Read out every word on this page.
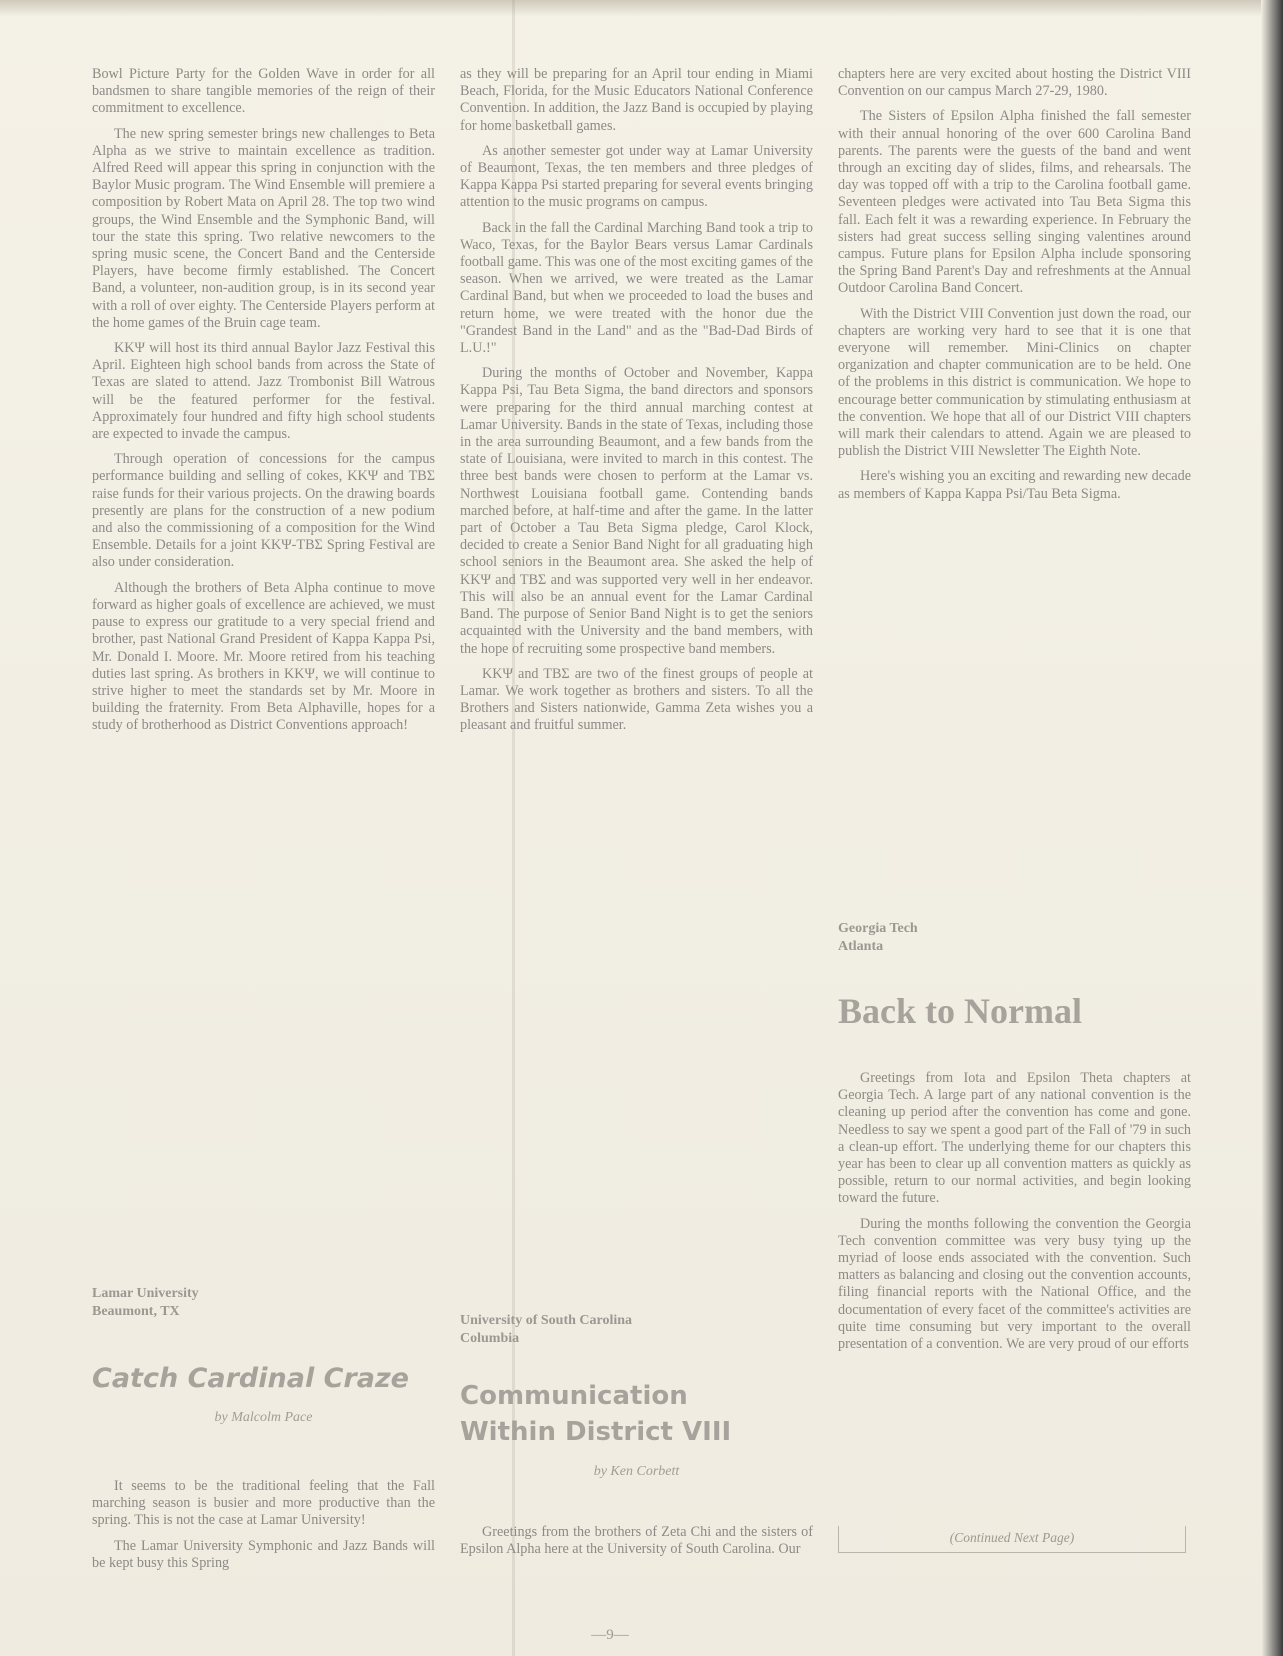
Bowl Picture Party for the Golden Wave in order for all bandsmen to share tangible memories of the reign of their commitment to excellence.

The new spring semester brings new challenges to Beta Alpha as we strive to maintain excellence as tradition. Alfred Reed will appear this spring in conjunction with the Baylor Music program. The Wind Ensemble will premiere a composition by Robert Mata on April 28. The top two wind groups, the Wind Ensemble and the Symphonic Band, will tour the state this spring. Two relative newcomers to the spring music scene, the Concert Band and the Centerside Players, have become firmly established. The Concert Band, a volunteer, non-audition group, is in its second year with a roll of over eighty. The Centerside Players perform at the home games of the Bruin cage team.

KKΨ will host its third annual Baylor Jazz Festival this April. Eighteen high school bands from across the State of Texas are slated to attend. Jazz Trombonist Bill Watrous will be the featured performer for the festival. Approximately four hundred and fifty high school students are expected to invade the campus.

Through operation of concessions for the campus performance building and selling of cokes, KKΨ and TBΣ raise funds for their various projects. On the drawing boards presently are plans for the construction of a new podium and also the commissioning of a composition for the Wind Ensemble. Details for a joint KKΨ-TBΣ Spring Festival are also under consideration.

Although the brothers of Beta Alpha continue to move forward as higher goals of excellence are achieved, we must pause to express our gratitude to a very special friend and brother, past National Grand President of Kappa Kappa Psi, Mr. Donald I. Moore. Mr. Moore retired from his teaching duties last spring. As brothers in KKΨ, we will continue to strive higher to meet the standards set by Mr. Moore in building the fraternity. From Beta Alphaville, hopes for a study of brotherhood as District Conventions approach!

Lamar University

Beaumont, TX

Catch Cardinal Craze

by Malcolm Pace

It seems to be the traditional feeling that the Fall marching season is busier and more productive than the spring. This is not the case at Lamar University!

The Lamar University Symphonic and Jazz Bands will be kept busy this Spring

as they will be preparing for an April tour ending in Miami Beach, Florida, for the Music Educators National Conference Convention. In addition, the Jazz Band is occupied by playing for home basketball games.

As another semester got under way at Lamar University of Beaumont, Texas, the ten members and three pledges of Kappa Kappa Psi started preparing for several events bringing attention to the music programs on campus.

Back in the fall the Cardinal Marching Band took a trip to Waco, Texas, for the Baylor Bears versus Lamar Cardinals football game. This was one of the most exciting games of the season. When we arrived, we were treated as the Lamar Cardinal Band, but when we proceeded to load the buses and return home, we were treated with the honor due the "Grandest Band in the Land" and as the "Bad-Dad Birds of L.U.!"

During the months of October and November, Kappa Kappa Psi, Tau Beta Sigma, the band directors and sponsors were preparing for the third annual marching contest at Lamar University. Bands in the state of Texas, including those in the area surrounding Beaumont, and a few bands from the state of Louisiana, were invited to march in this contest. The three best bands were chosen to perform at the Lamar vs. Northwest Louisiana football game. Contending bands marched before, at half-time and after the game. In the latter part of October a Tau Beta Sigma pledge, Carol Klock, decided to create a Senior Band Night for all graduating high school seniors in the Beaumont area. She asked the help of KKΨ and TBΣ and was supported very well in her endeavor. This will also be an annual event for the Lamar Cardinal Band. The purpose of Senior Band Night is to get the seniors acquainted with the University and the band members, with the hope of recruiting some prospective band members.

KKΨ and TBΣ are two of the finest groups of people at Lamar. We work together as brothers and sisters. To all the Brothers and Sisters nationwide, Gamma Zeta wishes you a pleasant and fruitful summer.

University of South Carolina

Columbia

Communication
Within District VIII

by Ken Corbett

Greetings from the brothers of Zeta Chi and the sisters of Epsilon Alpha here at the University of South Carolina. Our

chapters here are very excited about hosting the District VIII Convention on our campus March 27-29, 1980.

The Sisters of Epsilon Alpha finished the fall semester with their annual honoring of the over 600 Carolina Band parents. The parents were the guests of the band and went through an exciting day of slides, films, and rehearsals. The day was topped off with a trip to the Carolina football game. Seventeen pledges were activated into Tau Beta Sigma this fall. Each felt it was a rewarding experience. In February the sisters had great success selling singing valentines around campus. Future plans for Epsilon Alpha include sponsoring the Spring Band Parent's Day and refreshments at the Annual Outdoor Carolina Band Concert.

With the District VIII Convention just down the road, our chapters are working very hard to see that it is one that everyone will remember. Mini-Clinics on chapter organization and chapter communication are to be held. One of the problems in this district is communication. We hope to encourage better communication by stimulating enthusiasm at the convention. We hope that all of our District VIII chapters will mark their calendars to attend. Again we are pleased to publish the District VIII Newsletter The Eighth Note.

Here's wishing you an exciting and rewarding new decade as members of Kappa Kappa Psi/Tau Beta Sigma.

Georgia Tech

Atlanta

Back to Normal

Greetings from Iota and Epsilon Theta chapters at Georgia Tech. A large part of any national convention is the cleaning up period after the convention has come and gone. Needless to say we spent a good part of the Fall of '79 in such a clean-up effort. The underlying theme for our chapters this year has been to clear up all convention matters as quickly as possible, return to our normal activities, and begin looking toward the future.

During the months following the convention the Georgia Tech convention committee was very busy tying up the myriad of loose ends associated with the convention. Such matters as balancing and closing out the convention accounts, filing financial reports with the National Office, and the documentation of every facet of the committee's activities are quite time consuming but very important to the overall presentation of a convention. We are very proud of our efforts

(Continued Next Page)
—9—
